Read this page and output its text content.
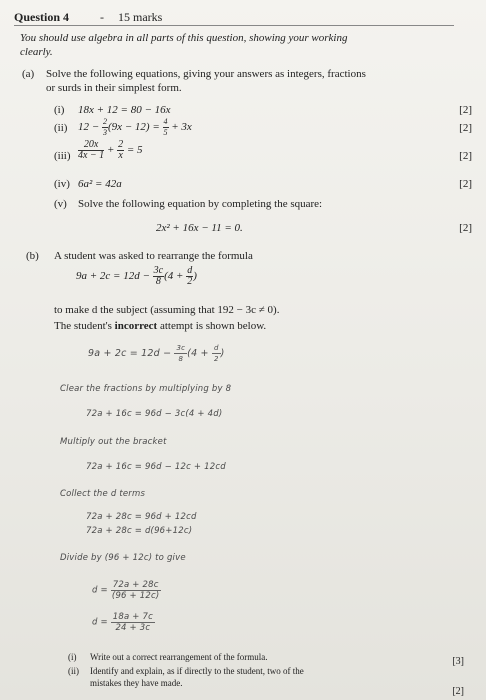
Question 4	- 15 marks
You should use algebra in all parts of this question, showing your working
clearly.
(a) Solve the following equations, giving your answers as integers, fractions
or surds in their simplest form.
(i) 18x + 12 = 80 − 16x	[2]
(ii) $12 - \frac{2}{3} (9x - 12) = \frac{4}{5} + 3x$	[2]
$(iii) \frac{20x}{4x - 1} + \frac{2}{x} = 5$	[2]
(iv) 6a² = 42a	[2]
(v) Solve the following equation by completing the square:
2x² + 16x − 11 = 0.	[2]
(b) A student was asked to rearrange the formula
$9a + 2c = 12d - \frac{3c}{8} (4 + \frac{d}{2}$ )
to make d the subject (assuming that 192 − 3c ≠ 0).
The student's incorrect attempt is shown below.
$9a + 2c = 12d - \frac{3c}{8} (4 + \frac{d}{2}$ )
Clear the fractions by multiplying by 8
72a + 16c = 96d − 3c(4 + 4d)
Multiply out the bracket
72a + 16c = 96d − 12c + 12cd
Collect the d terms
72a + 28c = 96d + 12cd
72a + 28c = d(96+12c)
Divide by (96 + 12c) to give
$d = \frac{72a + 28c}{(96 + 12c)}$
$d = \frac{18a + 7c}{24 + 3c}$
(i) Write out a correct rearrangement of the formula.	[3]
(ii) Identify and explain, as if directly to the student, two of the
mistakes they have made.
[2]
